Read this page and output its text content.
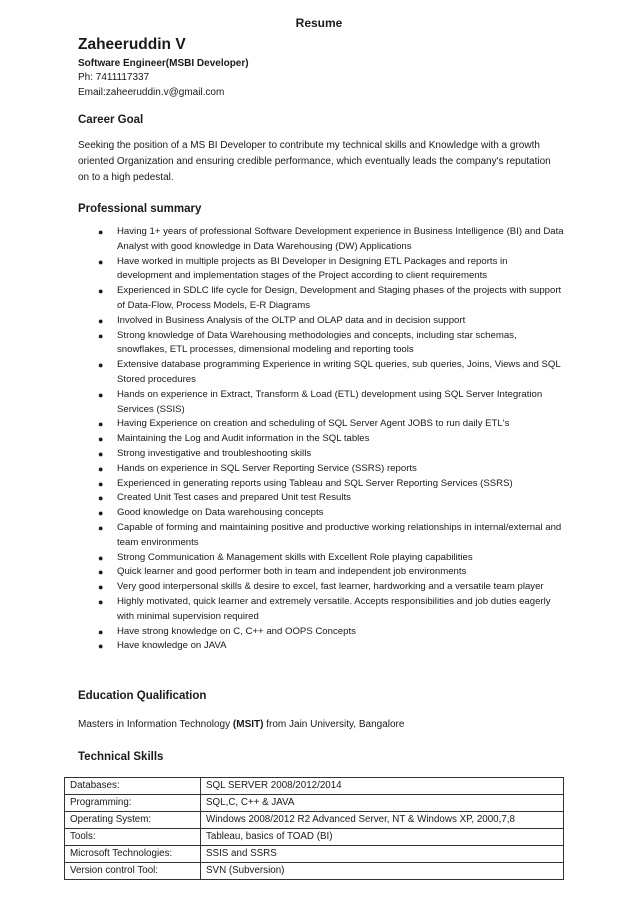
Resume
Zaheeruddin V
Software Engineer(MSBI Developer)
Ph: 7411117337
Email:zaheeruddin.v@gmail.com
Career Goal
Seeking the position of a MS BI Developer to contribute my technical skills and Knowledge with a growth oriented Organization and ensuring credible performance, which eventually leads the company's reputation on to a high pedestal.
Professional summary
● Having 1+ years of professional Software Development experience in Business Intelligence (BI) and Data Analyst with good knowledge in Data Warehousing (DW) Applications
● Have worked in multiple projects as BI Developer in Designing ETL Packages and reports in development and implementation stages of the Project according to client requirements
● Experienced in SDLC life cycle for Design, Development and Staging phases of the projects with support of Data-Flow, Process Models, E-R Diagrams
● Involved in Business Analysis of the OLTP and OLAP data and in decision support
● Strong knowledge of Data Warehousing methodologies and concepts, including star schemas, snowflakes, ETL processes, dimensional modeling and reporting tools
● Extensive database programming Experience in writing SQL queries, sub queries, Joins, Views and SQL Stored procedures
● Hands on experience in Extract, Transform & Load (ETL) development using SQL Server Integration Services (SSIS)
● Having Experience on creation and scheduling of SQL Server Agent JOBS to run daily ETL's
● Maintaining the Log and Audit information in the SQL tables
● Strong investigative and troubleshooting skills
● Hands on experience in SQL Server Reporting Service (SSRS) reports
● Experienced in generating reports using Tableau and SQL Server Reporting Services (SSRS)
● Created Unit Test cases and prepared Unit test Results
● Good knowledge on Data warehousing concepts
● Capable of forming and maintaining positive and productive working relationships in internal/external and team environments
● Strong Communication & Management skills with Excellent Role playing capabilities
● Quick learner and good performer both in team and independent job environments
● Very good interpersonal skills & desire to excel, fast learner, hardworking and a versatile team player
● Highly motivated, quick learner and extremely versatile. Accepts responsibilities and job duties eagerly with minimal supervision required
● Have strong knowledge on C, C++ and OOPS Concepts
● Have knowledge on JAVA
Education Qualification
Masters in Information Technology (MSIT) from Jain University, Bangalore
Technical Skills
Databases:	SQL SERVER 2008/2012/2014
Programming:	SQL,C, C++ & JAVA
Operating System:	Windows 2008/2012 R2 Advanced Server, NT & Windows XP, 2000,7,8
Tools:	Tableau, basics of TOAD (BI)
Microsoft Technologies:	SSIS and SSRS
Version control Tool:	SVN (Subversion)
